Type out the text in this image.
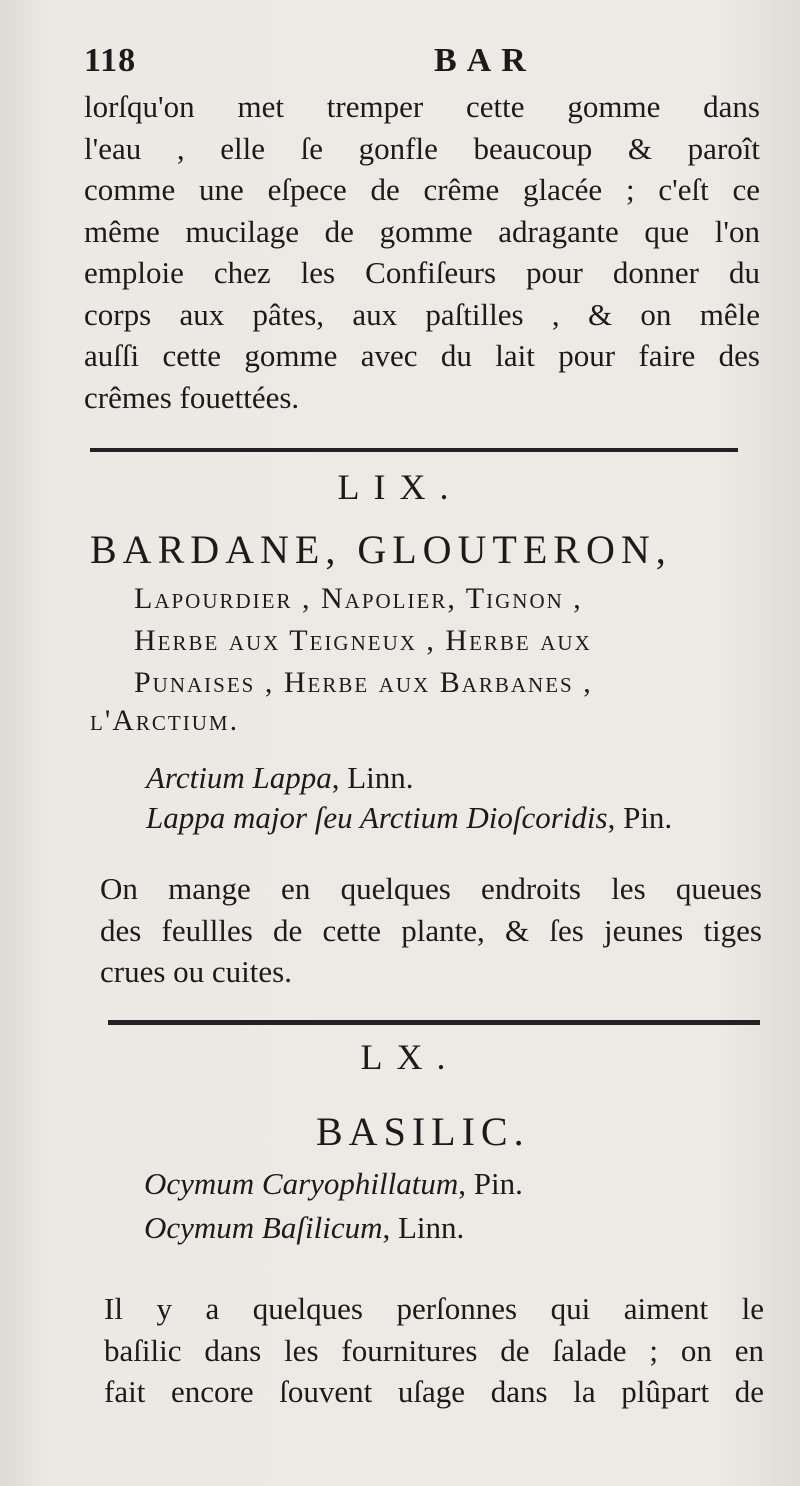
118	BAR
lorſqu'on met tremper cette gomme dans
l'eau , elle ſe gonfle beaucoup & paroît
comme une eſpece de crême glacée ; c'eſt ce
même mucilage de gomme adragante que l'on
emploie chez les Confiſeurs pour donner du
corps aux pâtes, aux paſtilles , & on mêle
auſſi cette gomme avec du lait pour faire des
crêmes fouettées.
LIX.
BARDANE, GLOUTERON,
Lapourdier , Napolier, Tignon ,
Herbe aux Teigneux , Herbe aux
Punaises , Herbe aux Barbanes ,
l'Arctium.
Arctium Lappa, Linn.
Lappa major ſeu Arctium Dioſcoridis, Pin.
On mange en quelques endroits les queues
des feullles de cette plante, & ſes jeunes tiges
crues ou cuites.
LX.
BASILIC.
Ocymum Caryophillatum, Pin.
Ocymum Baſilicum, Linn.
Il y a quelques perſonnes qui aiment le
baſilic dans les fournitures de ſalade ; on en
fait encore ſouvent uſage dans la plûpart de
